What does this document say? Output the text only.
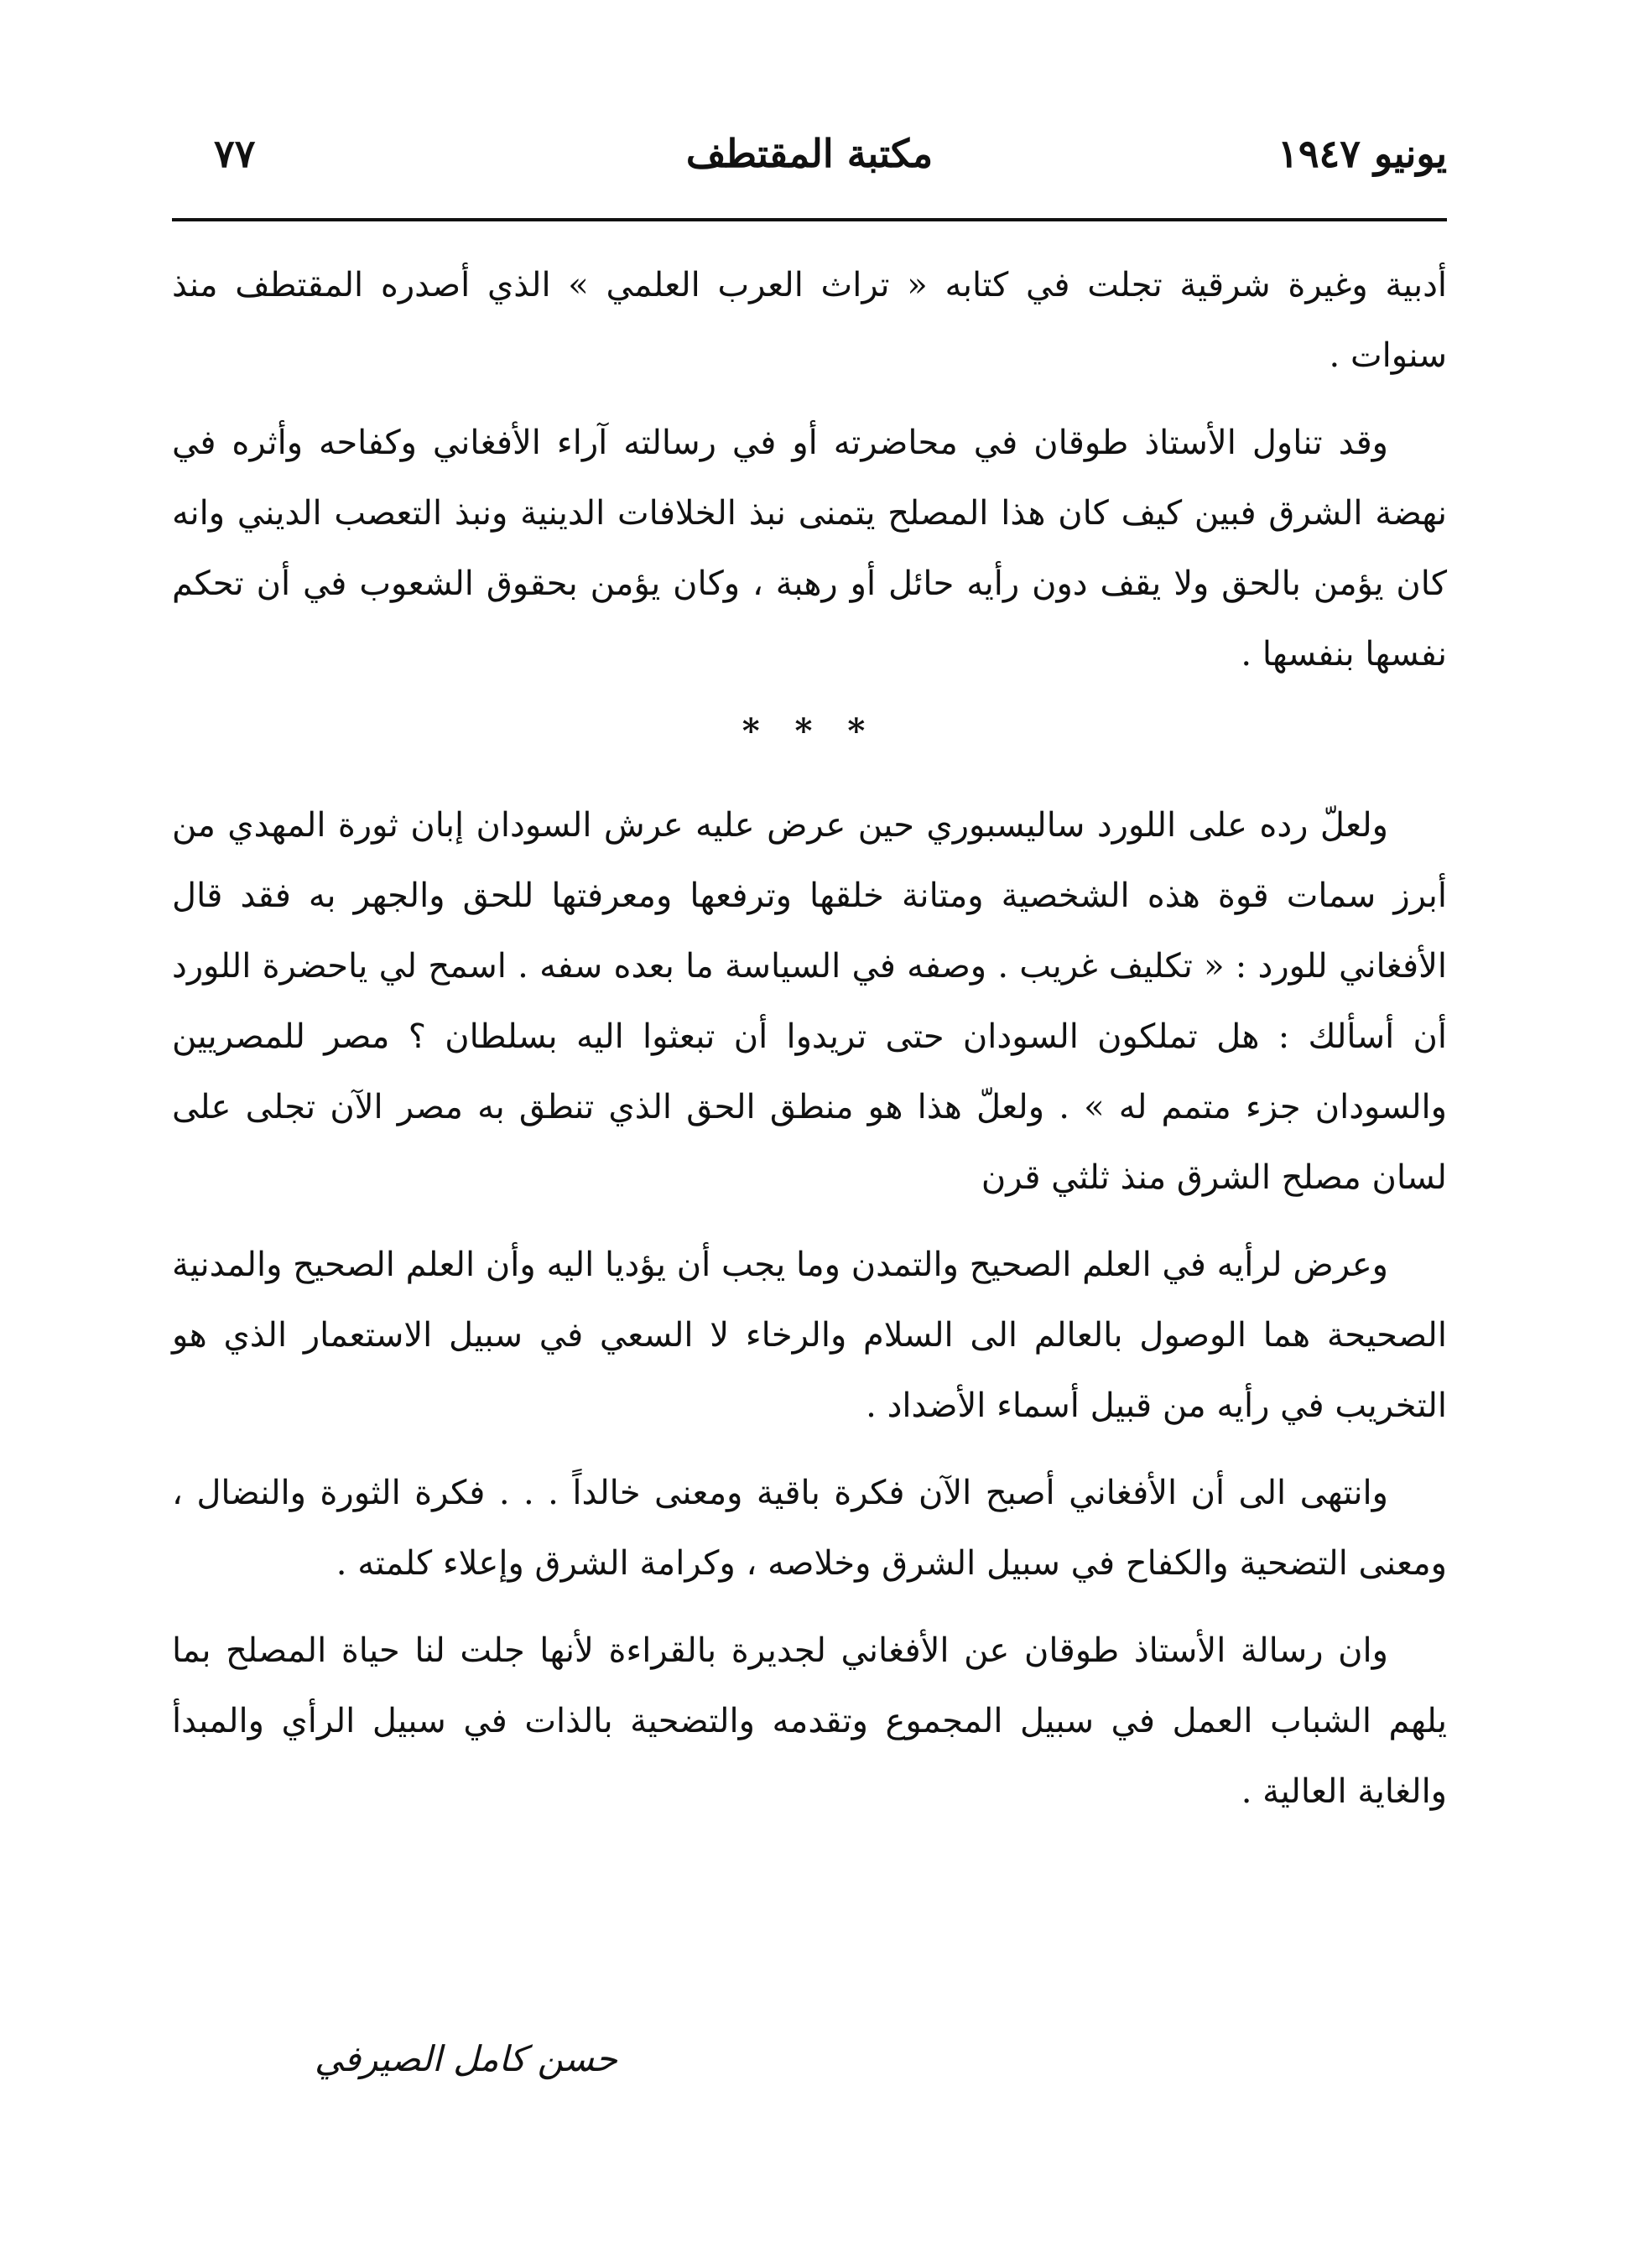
يونيو ١٩٤٧
مكتبة المقتطف
٧٧

أدبية وغيرة شرقية تجلت في كتابه « تراث العرب العلمي » الذي أصدره المقتطف منذ سنوات .

وقد تناول الأستاذ طوقان في محاضرته أو في رسالته آراء الأفغاني وكفاحه وأثره في نهضة الشرق فبين كيف كان هذا المصلح يتمنى نبذ الخلافات الدينية ونبذ التعصب الديني وانه كان يؤمن بالحق ولا يقف دون رأيه حائل أو رهبة ، وكان يؤمن بحقوق الشعوب في أن تحكم نفسها بنفسها .

* * *

ولعلّ رده على اللورد ساليسبوري حين عرض عليه عرش السودان إبان ثورة المهدي من أبرز سمات قوة هذه الشخصية ومتانة خلقها وترفعها ومعرفتها للحق والجهر به فقد قال الأفغاني للورد : « تكليف غريب . وصفه في السياسة ما بعده سفه . اسمح لي ياحضرة اللورد أن أسألك : هل تملكون السودان حتى تريدوا أن تبعثوا اليه بسلطان ؟ مصر للمصريين والسودان جزء متمم له » . ولعلّ هذا هو منطق الحق الذي تنطق به مصر الآن تجلى على لسان مصلح الشرق منذ ثلثي قرن

وعرض لرأيه في العلم الصحيح والتمدن وما يجب أن يؤديا اليه وأن العلم الصحيح والمدنية الصحيحة هما الوصول بالعالم الى السلام والرخاء لا السعي في سبيل الاستعمار الذي هو التخريب في رأيه من قبيل أسماء الأضداد .

وانتهى الى أن الأفغاني أصبح الآن فكرة باقية ومعنى خالداً . . . فكرة الثورة والنضال ، ومعنى التضحية والكفاح في سبيل الشرق وخلاصه ، وكرامة الشرق وإعلاء كلمته .

وان رسالة الأستاذ طوقان عن الأفغاني لجديرة بالقراءة لأنها جلت لنا حياة المصلح بما يلهم الشباب العمل في سبيل المجموع وتقدمه والتضحية بالذات في سبيل الرأي والمبدأ والغاية العالية .

حسن كامل الصيرفي
